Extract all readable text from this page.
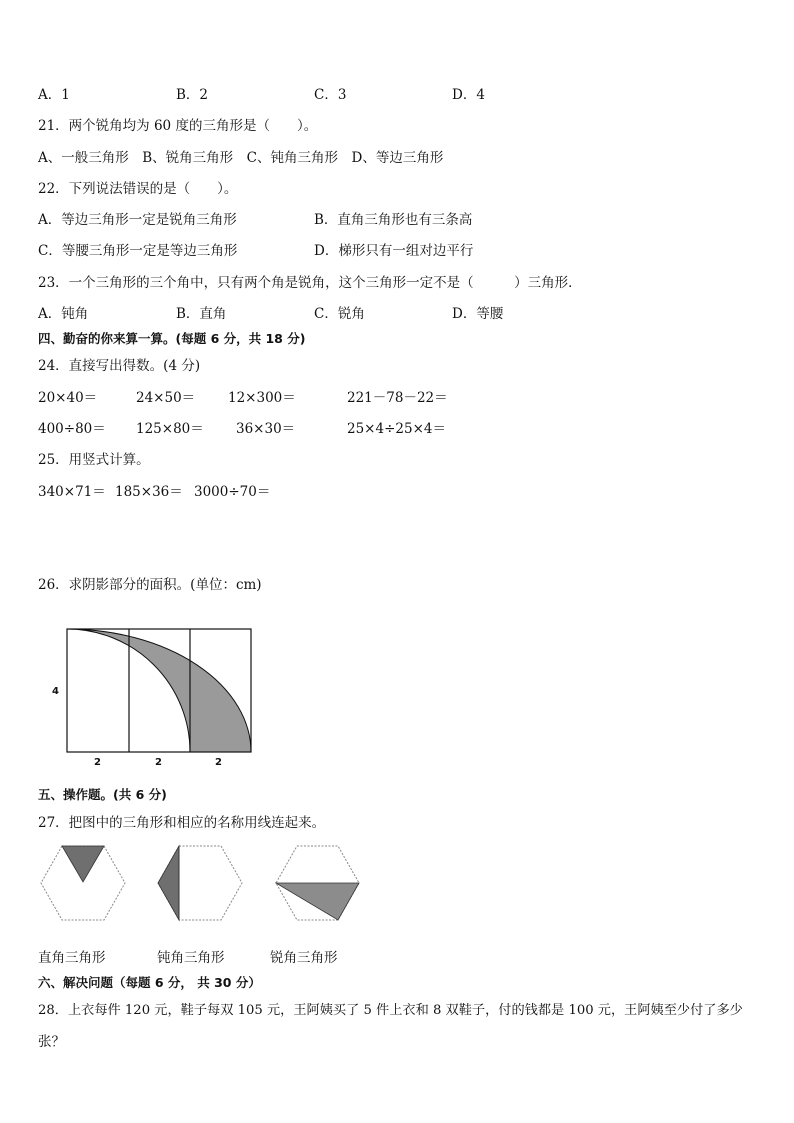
A．1	B．2	C．3	D．4
21．两个锐角均为 60 度的三角形是（　　）。
A、一般三角形　B、锐角三角形　C、钝角三角形　D、等边三角形
22．下列说法错误的是（　　）。
A．等边三角形一定是锐角三角形	B．直角三角形也有三条高
C．等腰三角形一定是等边三角形	D．梯形只有一组对边平行
23．一个三角形的三个角中，只有两个角是锐角，这个三角形一定不是（　　　）三角形．
A．钝角	B．直角	C．锐角	D．等腰
四、勤奋的你来算一算。(每题 6 分，共 18 分)
24．直接写出得数。(4 分)
20×40＝	24×50＝ 12×300＝	221－78－22＝
400÷80＝ 125×80＝ 36×30＝	25×4÷25×4＝
25．用竖式计算。
340×71＝ 185×36＝ 3000÷70＝
26．求阴影部分的面积。(单位：cm)
4
2	2	2
五、操作题。(共 6 分)
27．把图中的三角形和相应的名称用线连起来。
直角三角形	钝角三角形	锐角三角形
六、解决问题（每题 6 分， 共 30 分）
28．上衣每件 120 元，鞋子每双 105 元，王阿姨买了 5 件上衣和 8 双鞋子，付的钱都是 100 元，王阿姨至少付了多少
张？
